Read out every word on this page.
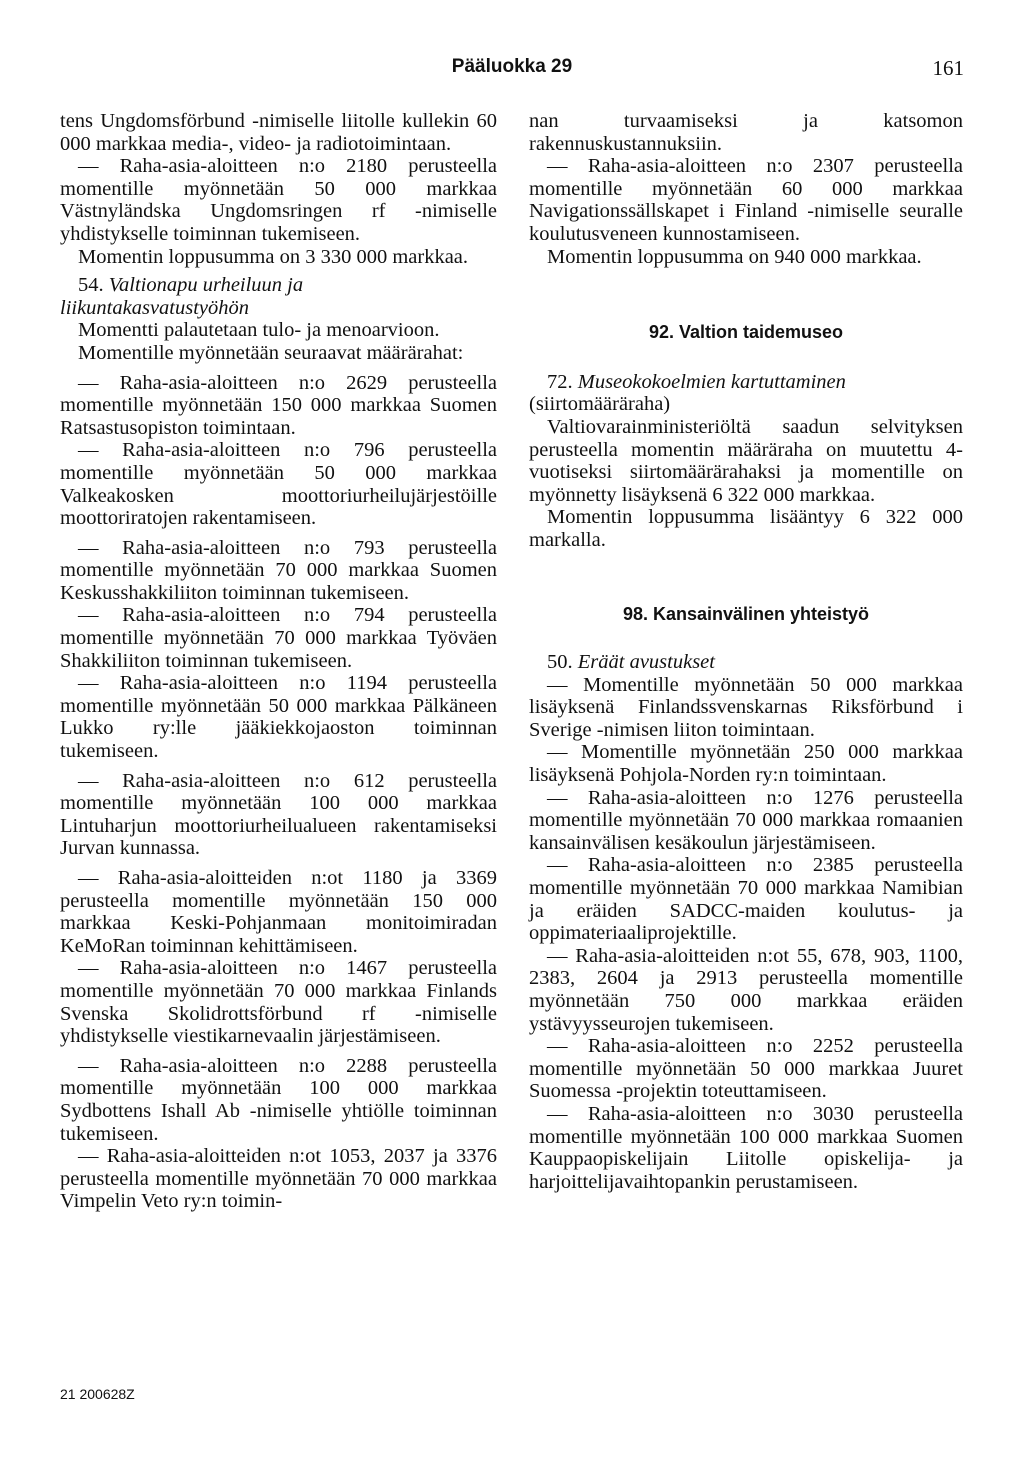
Pääluokka 29	161

tens Ungdomsförbund -nimiselle liitolle kullekin 60 000 markkaa media-, video- ja radiotoimintaan.

— Raha-asia-aloitteen n:o 2180 perusteella momentille myönnetään 50 000 markkaa Västnyländska Ungdomsringen rf -nimiselle yhdistykselle toiminnan tukemiseen.

Momentin loppusumma on 3 330 000 markkaa.

54. Valtionapu urheiluun ja liikuntakasvatustyöhön

Momentti palautetaan tulo- ja menoarvioon.

Momentille myönnetään seuraavat määrärahat:

— Raha-asia-aloitteen n:o 2629 perusteella momentille myönnetään 150 000 markkaa Suomen Ratsastusopiston toimintaan.

— Raha-asia-aloitteen n:o 796 perusteella momentille myönnetään 50 000 markkaa Valkeakosken moottoriurheilujärjestöille moottoriratojen rakentamiseen.

— Raha-asia-aloitteen n:o 793 perusteella momentille myönnetään 70 000 markkaa Suomen Keskusshakkiliiton toiminnan tukemiseen.

— Raha-asia-aloitteen n:o 794 perusteella momentille myönnetään 70 000 markkaa Työväen Shakkiliiton toiminnan tukemiseen.

— Raha-asia-aloitteen n:o 1194 perusteella momentille myönnetään 50 000 markkaa Pälkäneen Lukko ry:lle jääkiekkojaoston toiminnan tukemiseen.

— Raha-asia-aloitteen n:o 612 perusteella momentille myönnetään 100 000 markkaa Lintuharjun moottoriurheilualueen rakentamiseksi Jurvan kunnassa.

— Raha-asia-aloitteiden n:ot 1180 ja 3369 perusteella momentille myönnetään 150 000 markkaa Keski-Pohjanmaan monitoimiradan KeMoRan toiminnan kehittämiseen.

— Raha-asia-aloitteen n:o 1467 perusteella momentille myönnetään 70 000 markkaa Finlands Svenska Skolidrottsförbund rf -nimiselle yhdistykselle viestikarnevaalin järjestämiseen.

— Raha-asia-aloitteen n:o 2288 perusteella momentille myönnetään 100 000 markkaa Sydbottens Ishall Ab -nimiselle yhtiölle toiminnan tukemiseen.

— Raha-asia-aloitteiden n:ot 1053, 2037 ja 3376 perusteella momentille myönnetään 70 000 markkaa Vimpelin Veto ry:n toimin-

nan turvaamiseksi ja katsomon rakennuskustannuksiin.

— Raha-asia-aloitteen n:o 2307 perusteella momentille myönnetään 60 000 markkaa Navigationssällskapet i Finland -nimiselle seuralle koulutusveneen kunnostamiseen.

Momentin loppusumma on 940 000 markkaa.

92. Valtion taidemuseo

72. Museokokoelmien kartuttaminen (siirtomääräraha)

Valtiovarainministeriöltä saadun selvityksen perusteella momentin määräraha on muutettu 4-vuotiseksi siirtomäärärahaksi ja momentille on myönnetty lisäyksenä 6 322 000 markkaa.

Momentin loppusumma lisääntyy 6 322 000 markalla.

98. Kansainvälinen yhteistyö

50. Eräät avustukset

— Momentille myönnetään 50 000 markkaa lisäyksenä Finlandssvenskarnas Riksförbund i Sverige -nimisen liiton toimintaan.

— Momentille myönnetään 250 000 markkaa lisäyksenä Pohjola-Norden ry:n toimintaan.

— Raha-asia-aloitteen n:o 1276 perusteella momentille myönnetään 70 000 markkaa romaanien kansainvälisen kesäkoulun järjestämiseen.

— Raha-asia-aloitteen n:o 2385 perusteella momentille myönnetään 70 000 markkaa Namibian ja eräiden SADCC-maiden koulutus- ja oppimateriaaliprojektille.

— Raha-asia-aloitteiden n:ot 55, 678, 903, 1100, 2383, 2604 ja 2913 perusteella momentille myönnetään 750 000 markkaa eräiden ystävyysseurojen tukemiseen.

— Raha-asia-aloitteen n:o 2252 perusteella momentille myönnetään 50 000 markkaa Juuret Suomessa -projektin toteuttamiseen.

— Raha-asia-aloitteen n:o 3030 perusteella momentille myönnetään 100 000 markkaa Suomen Kauppaopiskelijain Liitolle opiskelija- ja harjoittelijavaihtopankin perustamiseen.

21 200628Z
